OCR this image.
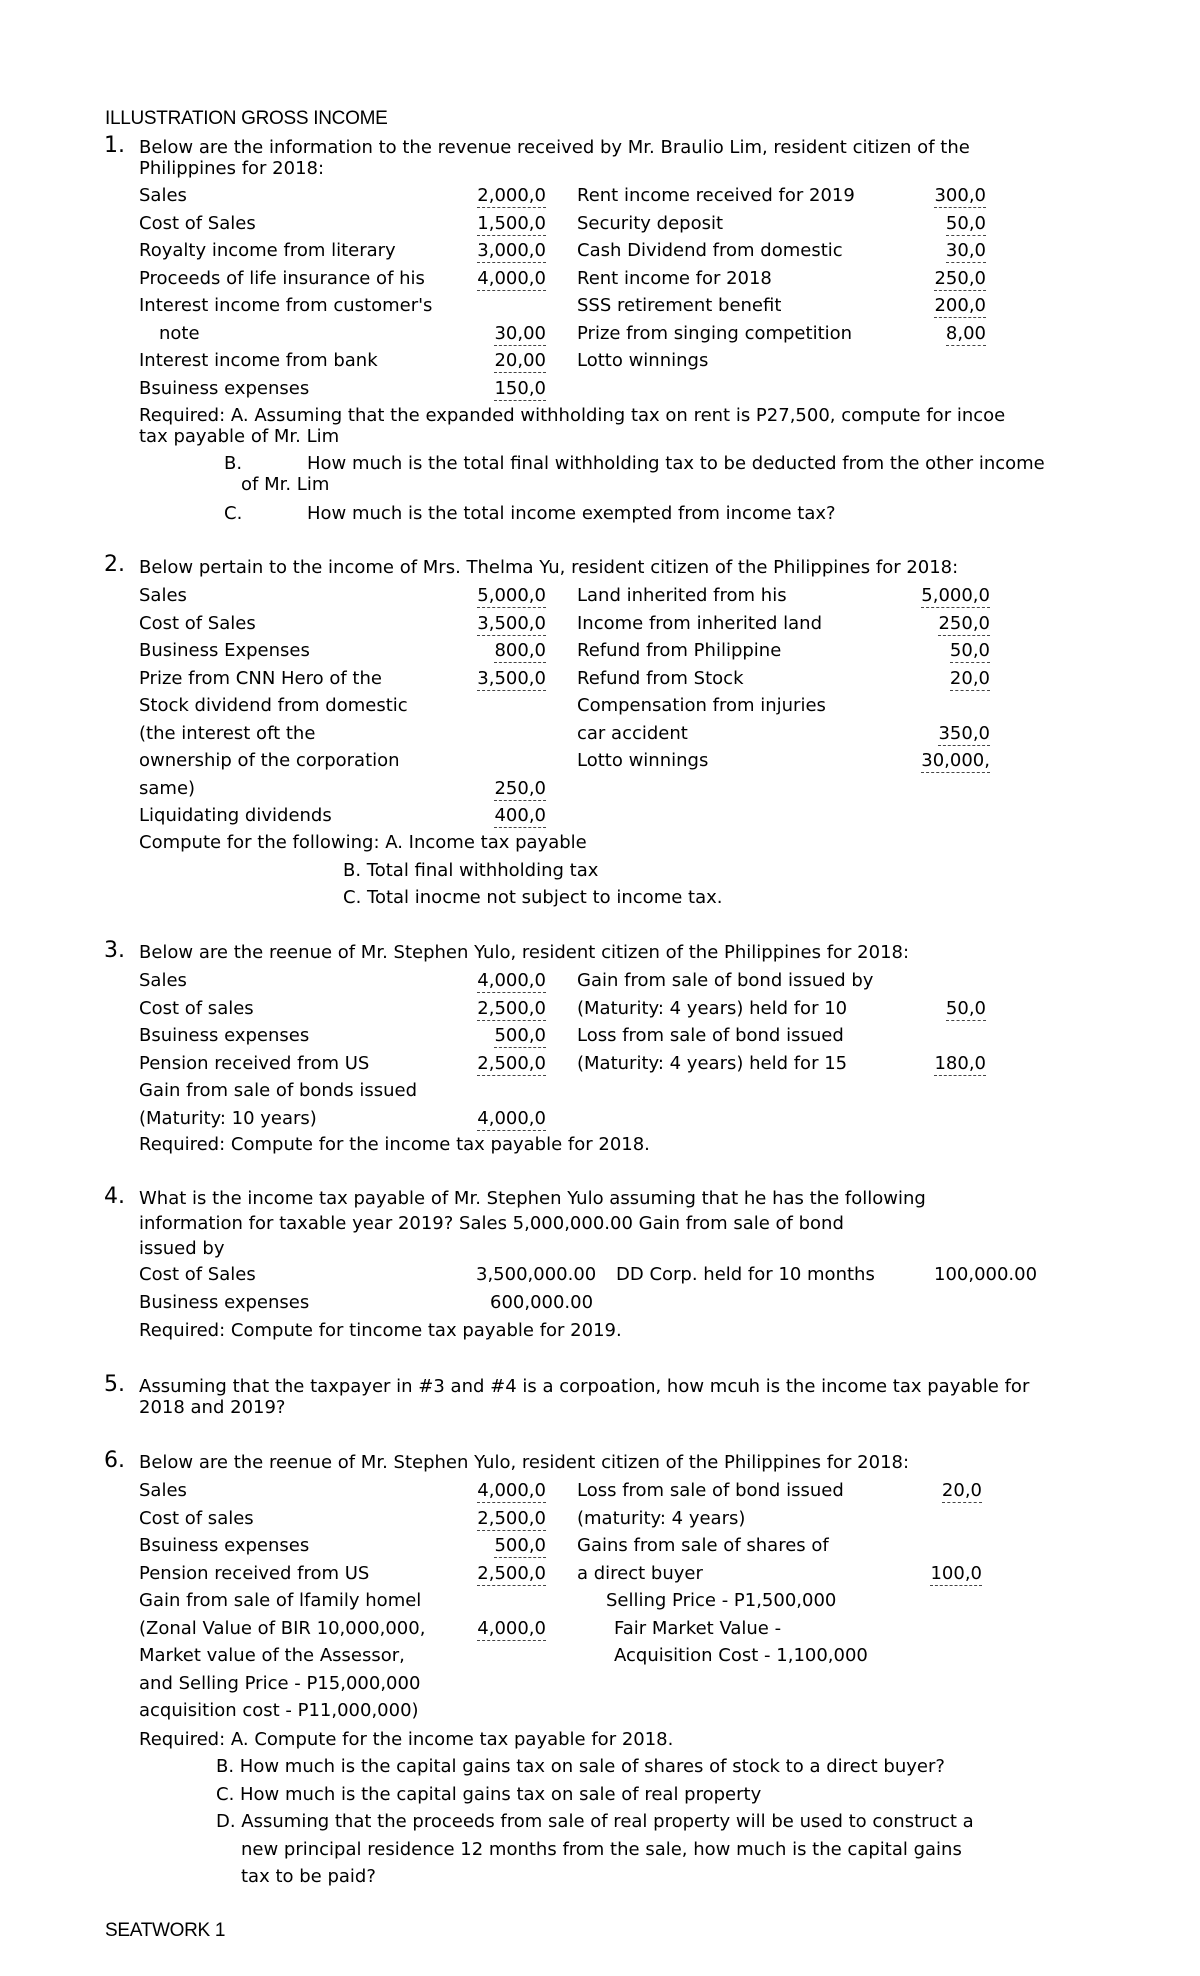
ILLUSTRATION GROSS INCOME
1. Below are the information to the revenue received by Mr. Braulio Lim, resident citizen of the
Philippines for 2018:
Sales	2,000,0
Cost of Sales	1,500,0
Royalty income from literary	3,000,0
Proceeds of life insurance of his	4,000,0
Interest income from customer's
note	30,00
Interest income from bank	20,00
Bsuiness expenses	150,0
Rent income received for 2019	300,0
Security deposit	50,0
Cash Dividend from domestic	30,0
Rent income for 2018	250,0
SSS retirement benefit	200,0
Prize from singing competition	8,00
Lotto winnings
Required: A. Assuming that the expanded withholding tax on rent is P27,500, compute for incoe
tax payable of Mr. Lim
B.	How much is the total final withholding tax to be deducted from the other income
of Mr. Lim
C.	How much is the total income exempted from income tax?
2. Below pertain to the income of Mrs. Thelma Yu, resident citizen of the Philippines for 2018:
Sales	5,000,0
Cost of Sales	3,500,0
Business Expenses	800,0
Prize from CNN Hero of the	3,500,0
Stock dividend from domestic
(the interest oft the
ownership of the corporation
same)	250,0
Liquidating dividends	400,0
Land inherited from his	5,000,0
Income from inherited land	250,0
Refund from Philippine	50,0
Refund from Stock	20,0
Compensation from injuries
car accident	350,0
Lotto winnings	30,000,
Compute for the following: A. Income tax payable
B. Total final withholding tax
C. Total inocme not subject to income tax.
3. Below are the reenue of Mr. Stephen Yulo, resident citizen of the Philippines for 2018:
Sales	4,000,0
Cost of sales	2,500,0
Bsuiness expenses	500,0
Pension received from US	2,500,0
Gain from sale of bonds issued
(Maturity: 10 years)	4,000,0
Gain from sale of bond issued by
(Maturity: 4 years) held for 10	50,0
Loss from sale of bond issued
(Maturity: 4 years) held for 15	180,0
Required: Compute for the income tax payable for 2018.
4. What is the income tax payable of Mr. Stephen Yulo assuming that he has the following
information for taxable year 2019? Sales 5,000,000.00 Gain from sale of bond
issued by
Cost of Sales	3,500,000.00 DD Corp. held for 10 months	100,000.00
Business expenses	600,000.00
Required: Compute for tincome tax payable for 2019.
5. Assuming that the taxpayer in #3 and #4 is a corpoation, how mcuh is the income tax payable for
2018 and 2019?
6. Below are the reenue of Mr. Stephen Yulo, resident citizen of the Philippines for 2018:
Sales	4,000,0
Cost of sales	2,500,0
Bsuiness expenses	500,0
Pension received from US	2,500,0
Gain from sale of lfamily homel
(Zonal Value of BIR 10,000,000,	4,000,0
Market value of the Assessor,
and Selling Price - P15,000,000
acquisition cost - P11,000,000)
Loss from sale of bond issued	20,0
(maturity: 4 years)
Gains from sale of shares of
a direct buyer	100,0
Selling Price - P1,500,000
Fair Market Value -
Acquisition Cost - 1,100,000
Required: A. Compute for the income tax payable for 2018.
B. How much is the capital gains tax on sale of shares of stock to a direct buyer?
C. How much is the capital gains tax on sale of real property
D. Assuming that the proceeds from sale of real property will be used to construct a
new principal residence 12 months from the sale, how much is the capital gains
tax to be paid?
SEATWORK 1
